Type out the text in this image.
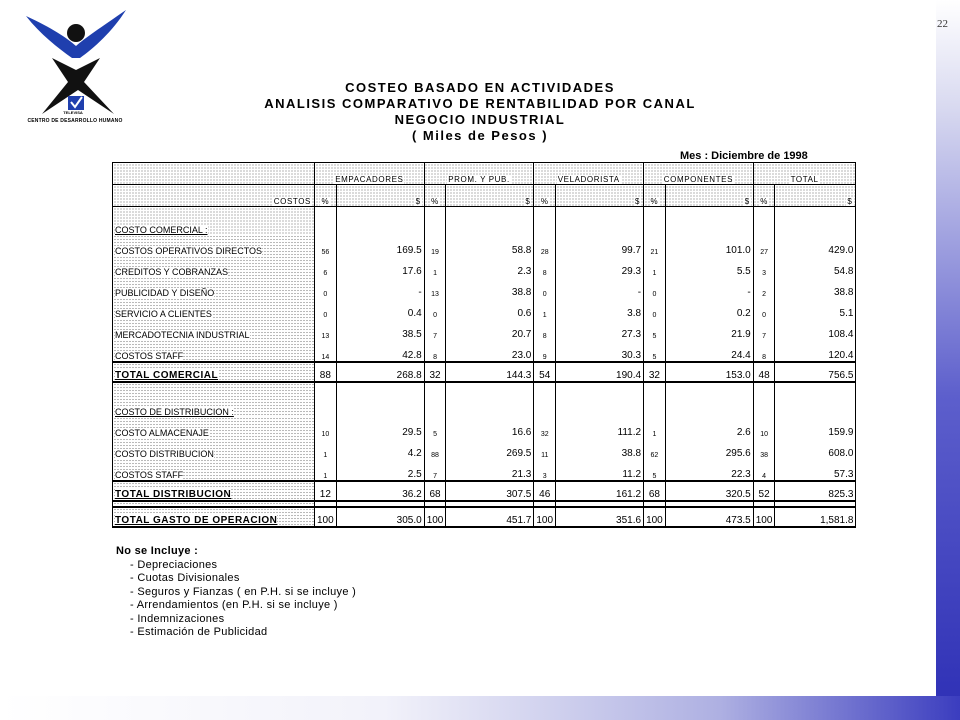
22
TELEVISA
CENTRO DE DESARROLLO HUMANO
COSTEO BASADO EN ACTIVIDADES
ANALISIS COMPARATIVO DE RENTABILIDAD POR CANAL
NEGOCIO INDUSTRIAL
( Miles de Pesos )
Mes : Diciembre de 1998
	EMPACADORES		PROM. Y PUB.		VELADORISTA		COMPONENTES		TOTAL	
COSTOS	%	$	%	$	%	$	%	$	%	$
COSTO COMERCIAL :										
COSTOS OPERATIVOS DIRECTOS	56	169.5	19	58.8	28	99.7	21	101.0	27	429.0
CREDITOS Y COBRANZAS	6	17.6	1	2.3	8	29.3	1	5.5	3	54.8
PUBLICIDAD Y DISEÑO	0	-	13	38.8	0	-	0	-	2	38.8
SERVICIO A CLIENTES	0	0.4	0	0.6	1	3.8	0	0.2	0	5.1
MERCADOTECNIA INDUSTRIAL	13	38.5	7	20.7	8	27.3	5	21.9	7	108.4
COSTOS STAFF	14	42.8	8	23.0	9	30.3	5	24.4	8	120.4
TOTAL COMERCIAL	88	268.8	32	144.3	54	190.4	32	153.0	48	756.5

COSTO DE DISTRIBUCION :										
COSTO ALMACENAJE	10	29.5	5	16.6	32	111.2	1	2.6	10	159.9
COSTO DISTRIBUCION	1	4.2	88	269.5	11	38.8	62	295.6	38	608.0
COSTOS STAFF	1	2.5	7	21.3	3	11.2	5	22.3	4	57.3
TOTAL DISTRIBUCION	12	36.2	68	307.5	46	161.2	68	320.5	52	825.3

TOTAL GASTO DE OPERACION	100	305.0	100	451.7	100	351.6	100	473.5	100	1,581.8
No se Incluye :
- Depreciaciones
- Cuotas Divisionales
- Seguros y Fianzas ( en P.H. si se incluye )
- Arrendamientos (en P.H. si se incluye )
- Indemnizaciones
- Estimación de Publicidad
